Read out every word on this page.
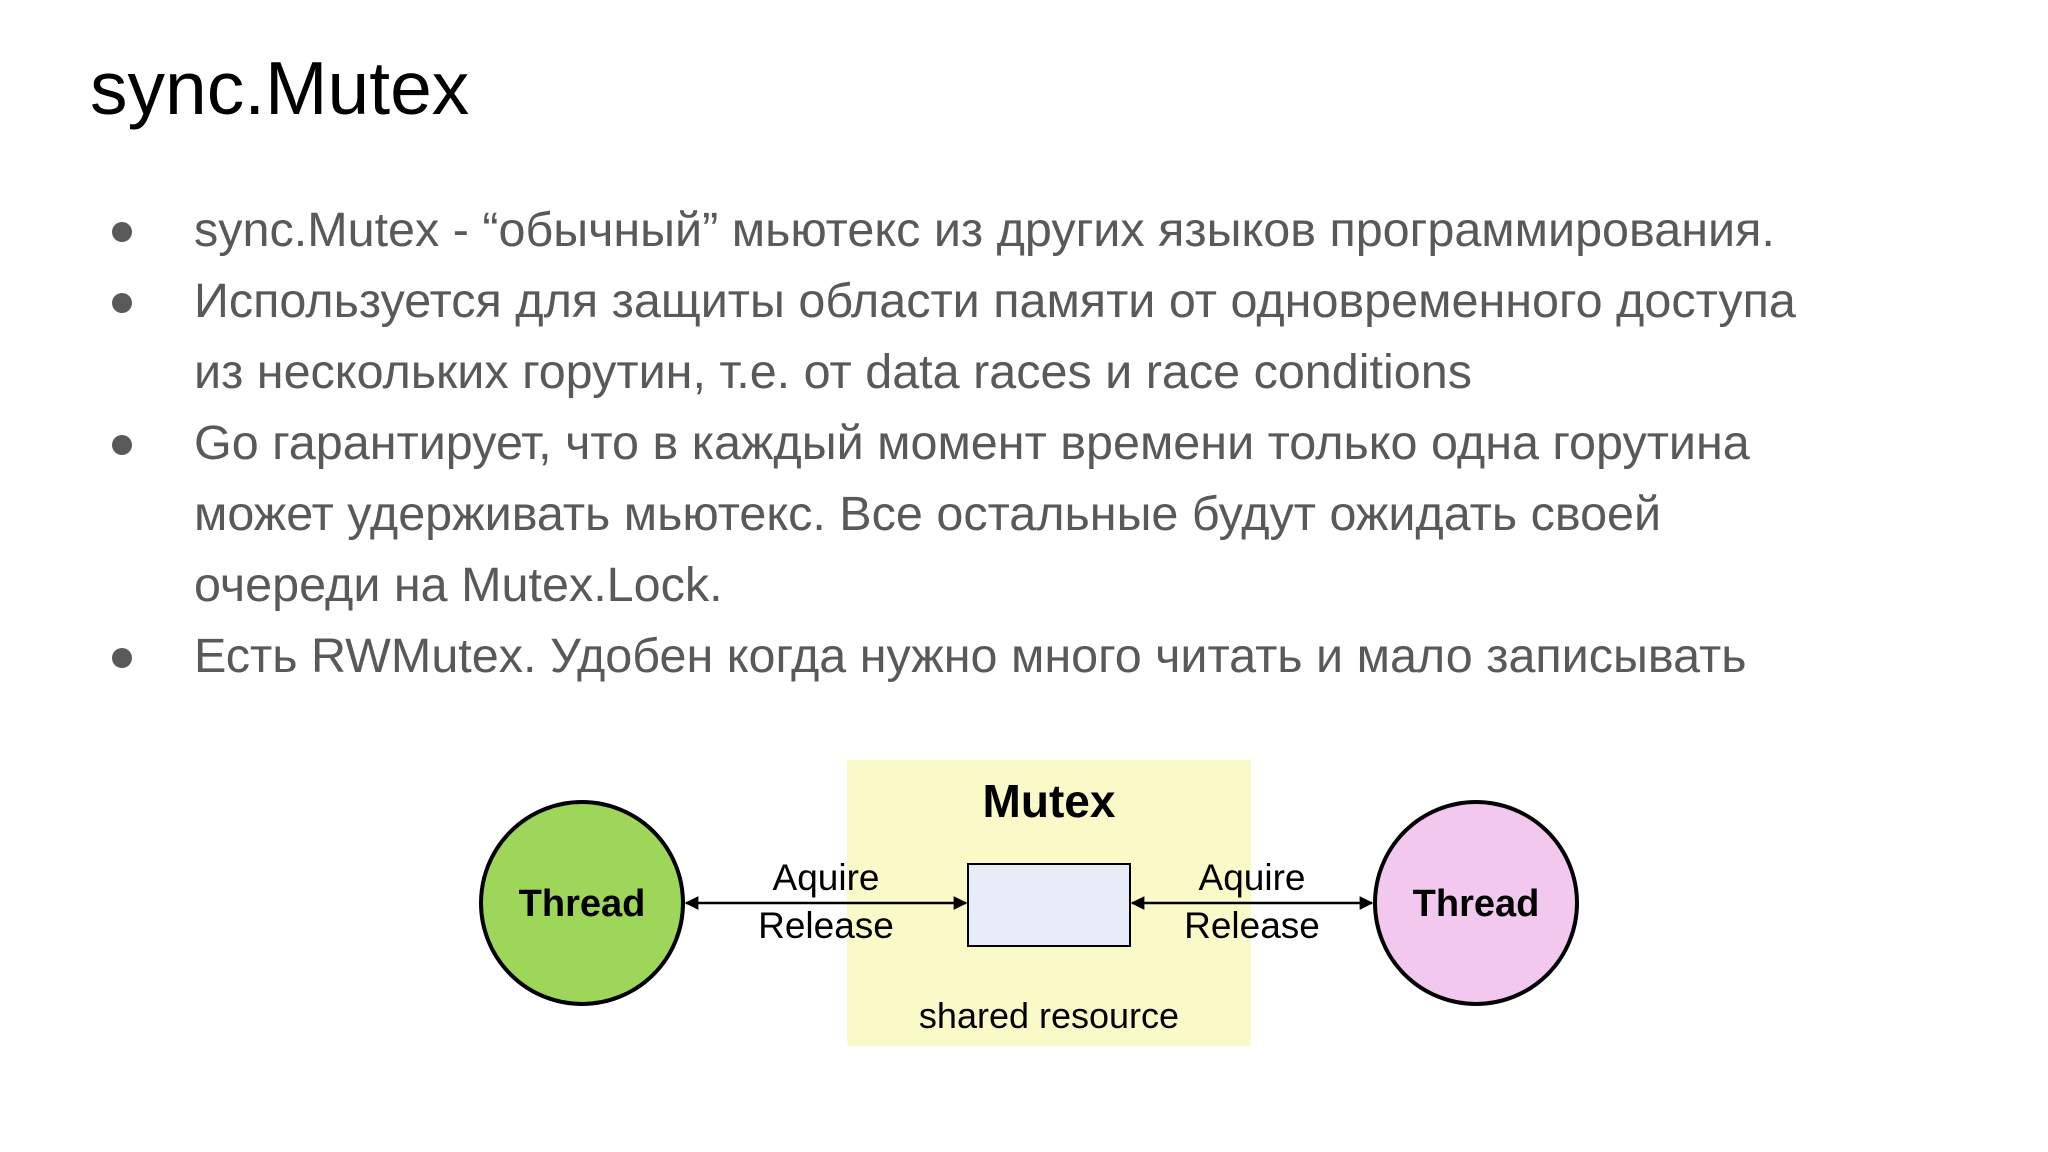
sync.Mutex
sync.Mutex - “обычный” мьютекс из других языков программирования.
Используется для защиты области памяти от одновременного доступа
из нескольких горутин, т.е. от data races и race conditions
Go гарантирует, что в каждый момент времени только одна горутина
может удерживать мьютекс. Все остальные будут ожидать своей
очереди на Mutex.Lock.
Есть RWMutex. Удобен когда нужно много читать и мало записывать
Mutex
shared resource
Thread	Thread
Aquire
Release
Aquire
Release
